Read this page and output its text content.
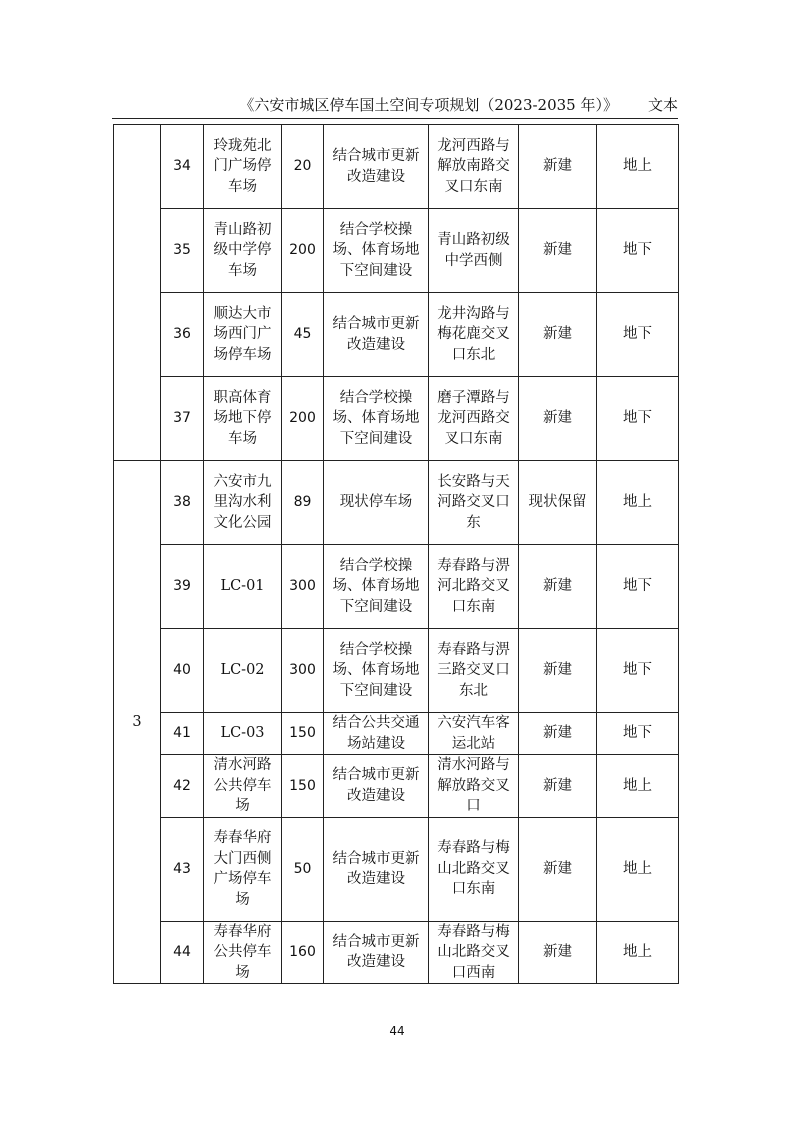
《六安市城区停车国土空间专项规划（2023-2035 年）》 文本
	34	玲珑苑北门广场停车场	20	结合城市更新改造建设	龙河西路与解放南路交叉口东南	新建	地上
	35	青山路初级中学停车场	200	结合学校操场、体育场地下空间建设	青山路初级中学西侧	新建	地下
	36	顺达大市场西门广场停车场	45	结合城市更新改造建设	龙井沟路与梅花鹿交叉口东北	新建	地下
	37	职高体育场地下停车场	200	结合学校操场、体育场地下空间建设	磨子潭路与龙河西路交叉口东南	新建	地下
3	38	六安市九里沟水利文化公园	89	现状停车场	长安路与天河路交叉口东	现状保留	地上
	39	LC-01	300	结合学校操场、体育场地下空间建设	寿春路与淠河北路交叉口东南	新建	地下
	40	LC-02	300	结合学校操场、体育场地下空间建设	寿春路与淠三路交叉口东北	新建	地下
	41	LC-03	150	结合公共交通场站建设	六安汽车客运北站	新建	地下
	42	清水河路公共停车场	150	结合城市更新改造建设	清水河路与解放路交叉口	新建	地上
	43	寿春华府大门西侧广场停车场	50	结合城市更新改造建设	寿春路与梅山北路交叉口东南	新建	地上
	44	寿春华府公共停车场	160	结合城市更新改造建设	寿春路与梅山北路交叉口西南	新建	地上
44
